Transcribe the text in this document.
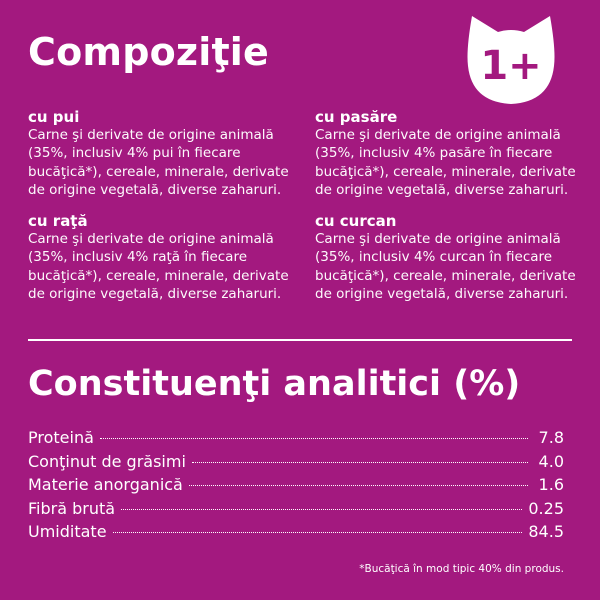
Compoziţie	1+
cu pui

Carne şi derivate de origine animală (35%, inclusiv 4% pui în fiecare bucăţică*), cereale, minerale, derivate de origine vegetală, diverse zaharuri.

cu pasăre

Carne şi derivate de origine animală (35%, inclusiv 4% pasăre în fiecare bucăţică*), cereale, minerale, derivate de origine vegetală, diverse zaharuri.

cu raţă

Carne şi derivate de origine animală (35%, inclusiv 4% raţă în fiecare bucăţică*), cereale, minerale, derivate de origine vegetală, diverse zaharuri.

cu curcan

Carne şi derivate de origine animală (35%, inclusiv 4% curcan în fiecare bucăţică*), cereale, minerale, derivate de origine vegetală, diverse zaharuri.

Constituenţi analitici (%)
Proteină	7.8
Conţinut de grăsimi	4.0
Materie anorganică	1.6
Fibră brută	0.25
Umiditate	84.5
*Bucăţică în mod tipic 40% din produs.
